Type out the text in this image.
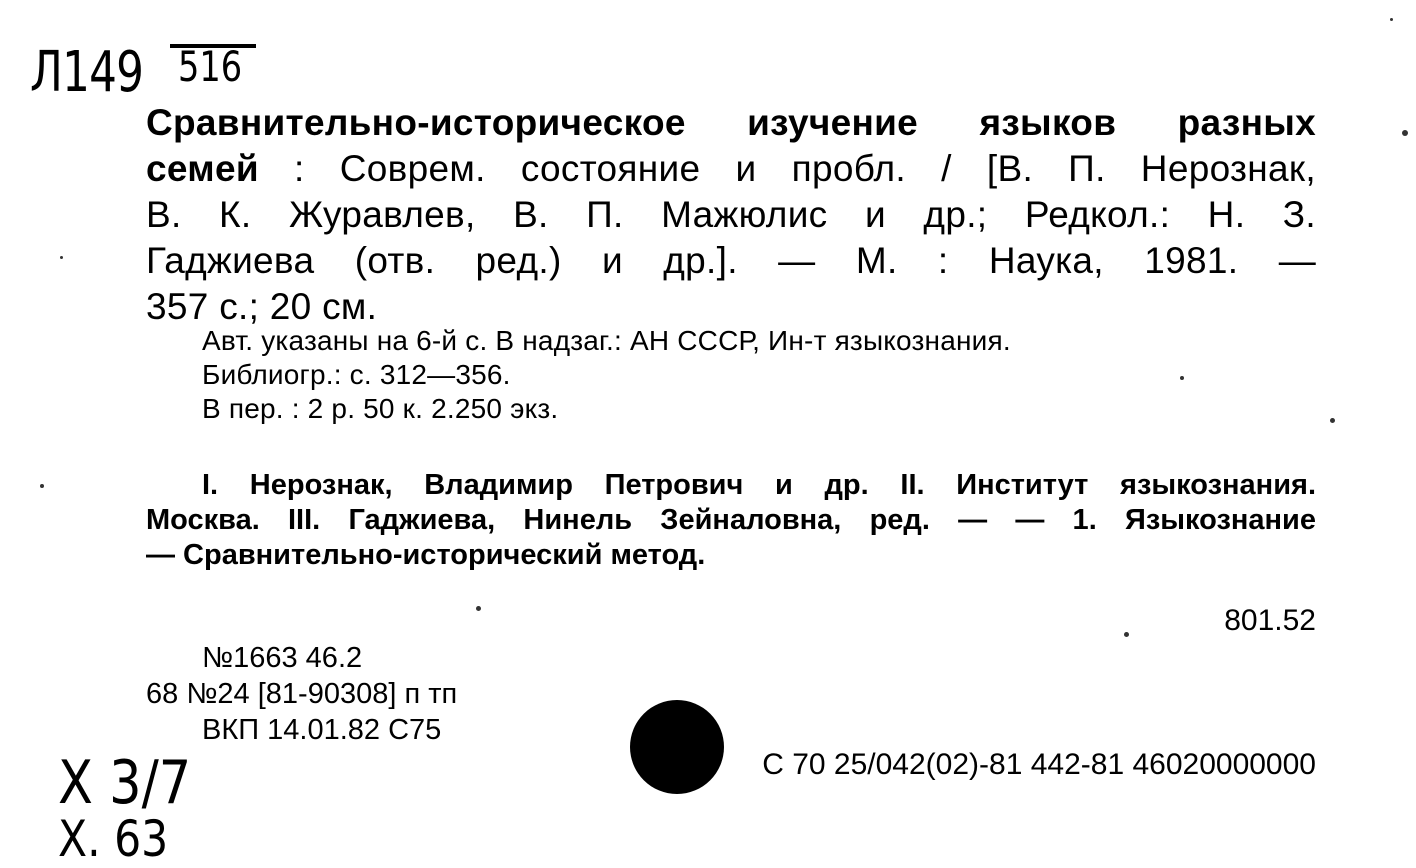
Л149 516
Сравнительно-историческое изучение языков разных
семей : Соврем. состояние и пробл. / [В. П. Нерознак,
В. К. Журавлев, В. П. Мажюлис и др.; Редкол.: Н. З.
Гаджиева (отв. ред.) и др.]. — М. : Наука, 1981. —
357 с.; 20 см.
Авт. указаны на 6-й с. В надзаг.: АН СССР, Ин-т языкознания.
Библиогр.: с. 312—356.
В пер. : 2 р. 50 к. 2.250 экз.
I. Нерознак, Владимир Петрович и др. II. Институт языкознания.
Москва. III. Гаджиева, Нинель Зейналовна, ред. — — 1. Языкознание
— Сравнительно-исторический метод.
801.52
№1663 46.2
68 №24 [81-90308] п тп
ВКП 14.01.82 С75
С 70 25/042(02)-81 442-81 46020000000
Х 3/7
Х. 63
